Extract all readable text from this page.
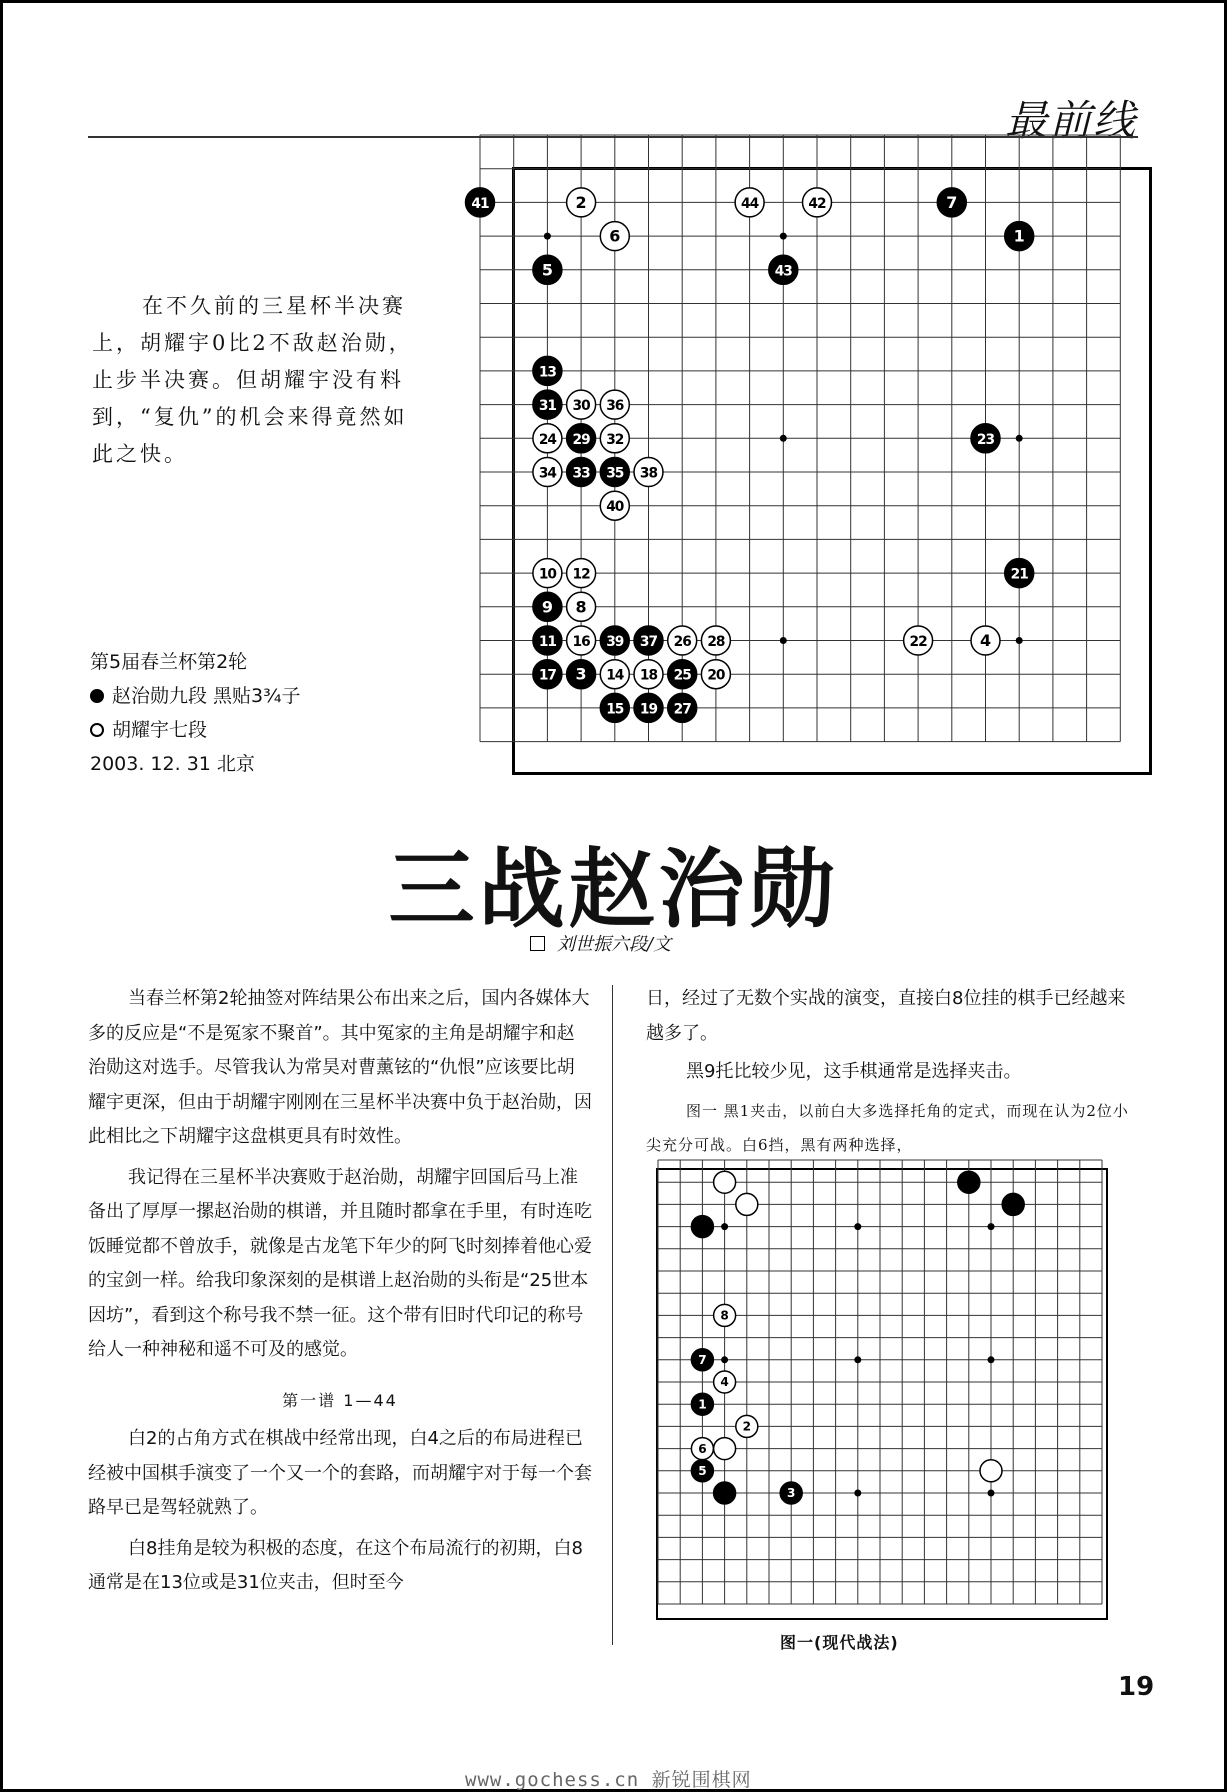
最前线
在不久前的三星杯半决赛上，胡耀宇0比2不敌赵治勋，止步半决赛。但胡耀宇没有料到，“复仇”的机会来得竟然如此之快。
第5届春兰杯第2轮
赵治勋九段 黑贴3¾子
胡耀宇七段
2003. 12. 31 北京
41	2
6
44	42	7
1
5	43
13
31 30 36
24 29 32	23
34 33 35 38
40
10 12	21
9 8
11 16 39 37 26 28	22	4
17 3 14 18 25 20
15 19 27
三战赵治勋
刘世振六段/文

当春兰杯第2轮抽签对阵结果公布出来之后，国内各媒体大多的反应是“不是冤家不聚首”。其中冤家的主角是胡耀宇和赵治勋这对选手。尽管我认为常昊对曹薰铉的“仇恨”应该要比胡耀宇更深，但由于胡耀宇刚刚在三星杯半决赛中负于赵治勋，因此相比之下胡耀宇这盘棋更具有时效性。

我记得在三星杯半决赛败于赵治勋，胡耀宇回国后马上准备出了厚厚一摞赵治勋的棋谱，并且随时都拿在手里，有时连吃饭睡觉都不曾放手，就像是古龙笔下年少的阿飞时刻捧着他心爱的宝剑一样。给我印象深刻的是棋谱上赵治勋的头衔是“25世本因坊”，看到这个称号我不禁一征。这个带有旧时代印记的称号给人一种神秘和遥不可及的感觉。

第一谱 1—44

白2的占角方式在棋战中经常出现，白4之后的布局进程已经被中国棋手演变了一个又一个的套路，而胡耀宇对于每一个套路早已是驾轻就熟了。

白8挂角是较为积极的态度，在这个布局流行的初期，白8通常是在13位或是31位夹击，但时至今

日，经过了无数个实战的演变，直接白8位挂的棋手已经越来越多了。

黑9托比较少见，这手棋通常是选择夹击。

图一 黑1夹击，以前白大多选择托角的定式，而现在认为2位小尖充分可战。白6挡，黑有两种选择，

8
7
4
1
2
6
5
3
图一(现代战法)
19
www.gochess.cn 新锐围棋网
